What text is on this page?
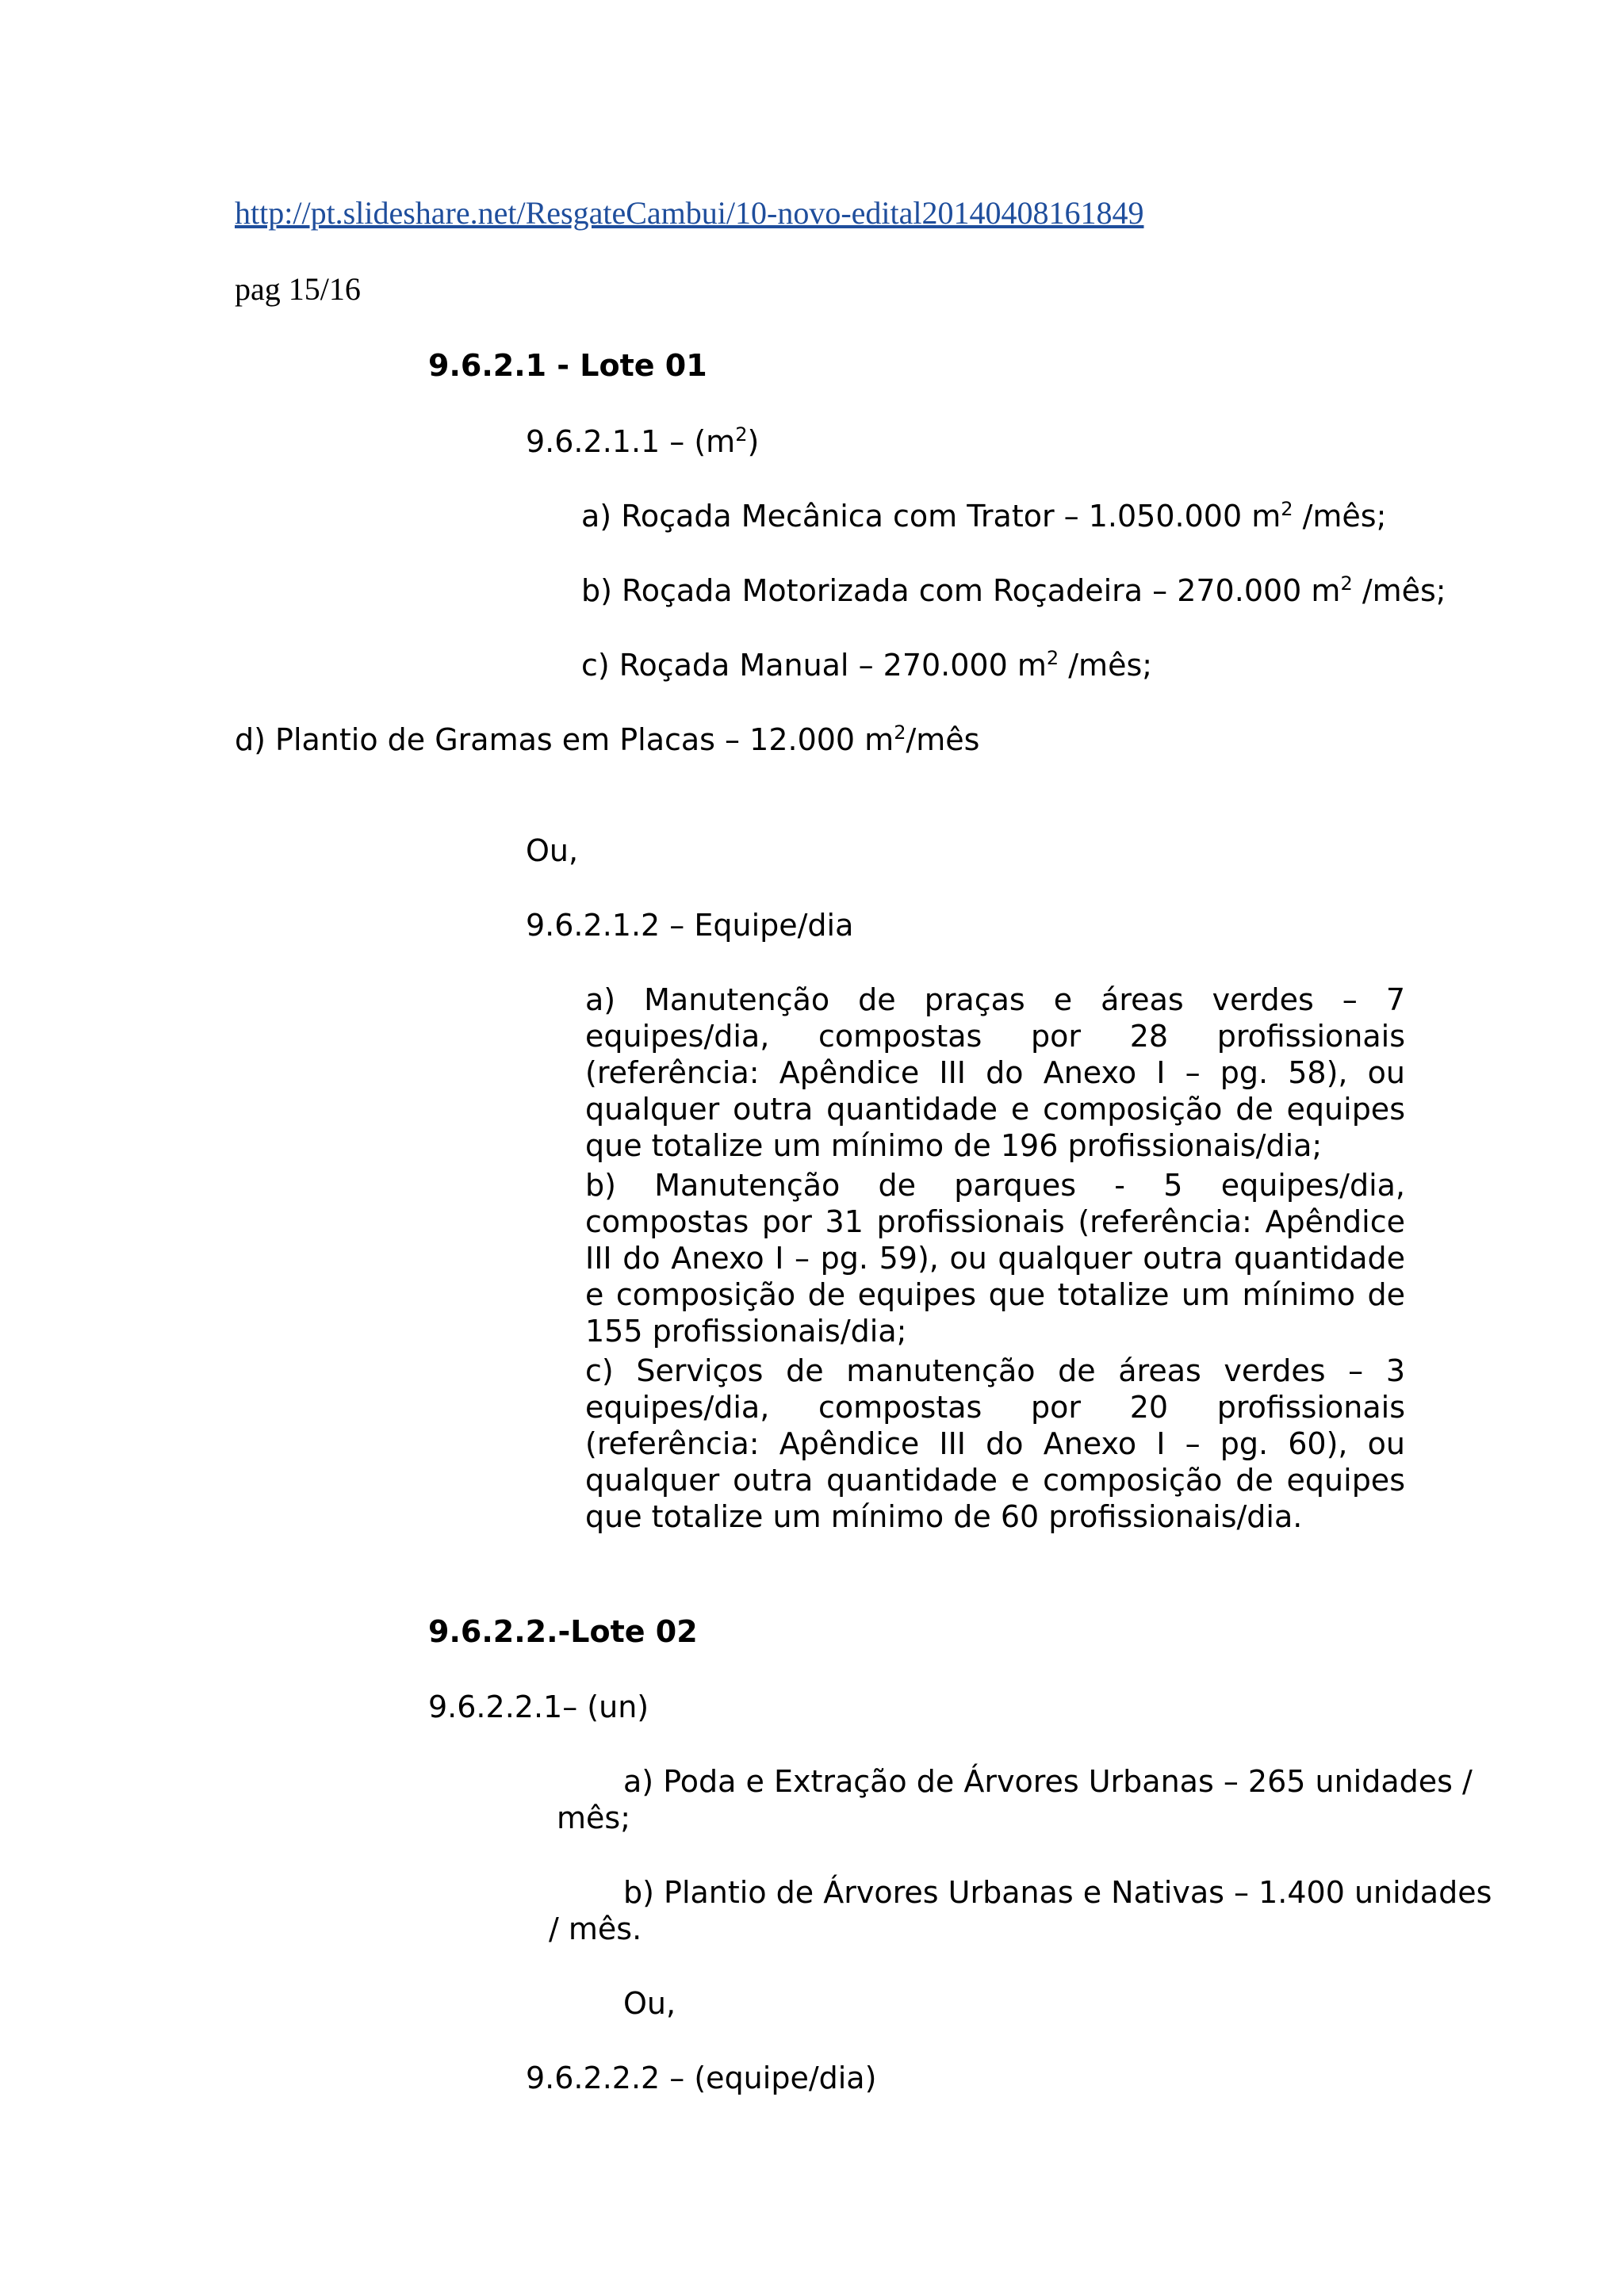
http://pt.slideshare.net/ResgateCambui/10-novo-edital20140408161849
pag 15/16
9.6.2.1 - Lote 01
$9.6.2.1.1 - (m^2)$
a) Roçada Mecânica com Trator – 1.050.000 $m^2$ /mês;
b) Roçada Motorizada com Roçadeira – 270.000 $m^2$ /mês;
c) Roçada Manual – 270.000 $m^2$ /mês;
d) Plantio de Gramas em Placas – 12.000 $m^2$/mês
Ou,
9.6.2.1.2 – Equipe/dia
a) Manutenção de praças e áreas verdes – 7 equipes/dia, compostas por 28 profissionais (referência: Apêndice III do Anexo I – pg. 58), ou qualquer outra quantidade e composição de equipes que totalize um mínimo de 196 profissionais/dia;
b) Manutenção de parques - 5 equipes/dia, compostas por 31 profissionais (referência: Apêndice III do Anexo I – pg. 59), ou qualquer outra quantidade e composição de equipes que totalize um mínimo de 155 profissionais/dia;
c) Serviços de manutenção de áreas verdes – 3 equipes/dia, compostas por 20 profissionais (referência: Apêndice III do Anexo I – pg. 60), ou qualquer outra quantidade e composição de equipes que totalize um mínimo de 60 profissionais/dia.
9.6.2.2.-Lote 02
9.6.2.2.1– (un)
a) Poda e Extração de Árvores Urbanas – 265 unidades /
mês;
b) Plantio de Árvores Urbanas e Nativas – 1.400 unidades
/ mês.
Ou,
9.6.2.2.2 – (equipe/dia)
